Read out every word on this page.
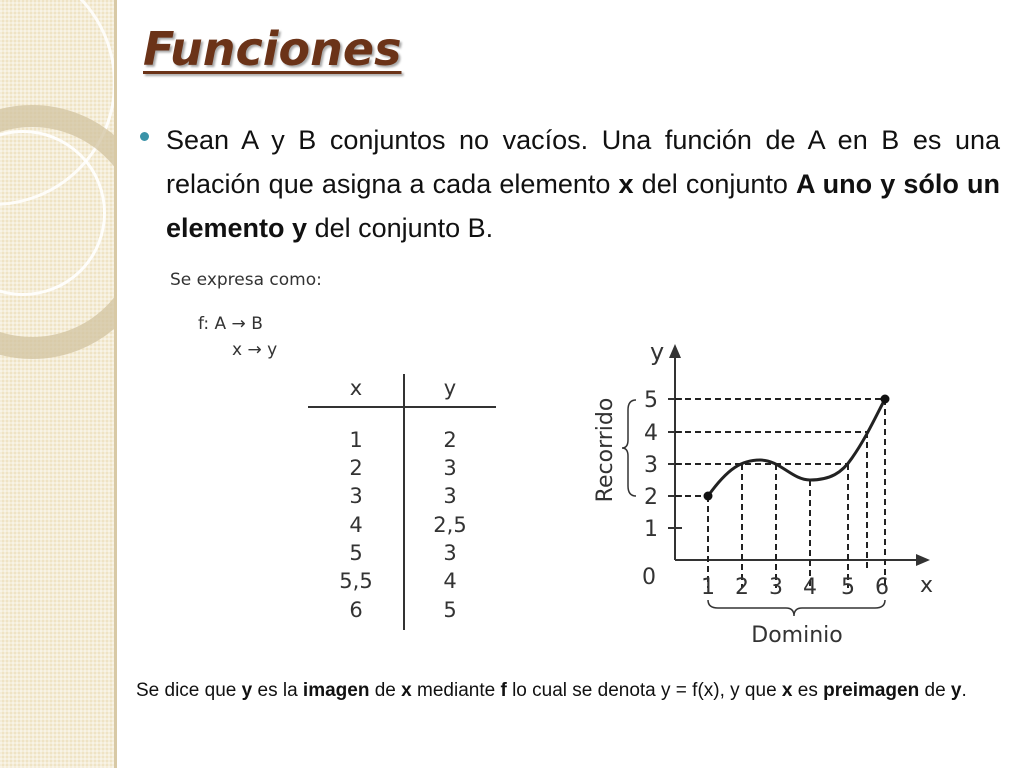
Funciones
Sean A y B conjuntos no vacíos. Una función de A en B es una relación que asigna a cada elemento x del conjunto A uno y sólo un elemento y del conjunto B.
Se expresa como:
f: A → B
x → y
x	y
1	2
2	3
3	3
4	2,5
5	3
5,5	4
6	5
1
2
3
4
5
0 1 2 3 4 5 6 x
y
Recorrido
Dominio
Se dice que y es la imagen de x mediante f lo cual se denota y = f(x), y que x es preimagen de y.
